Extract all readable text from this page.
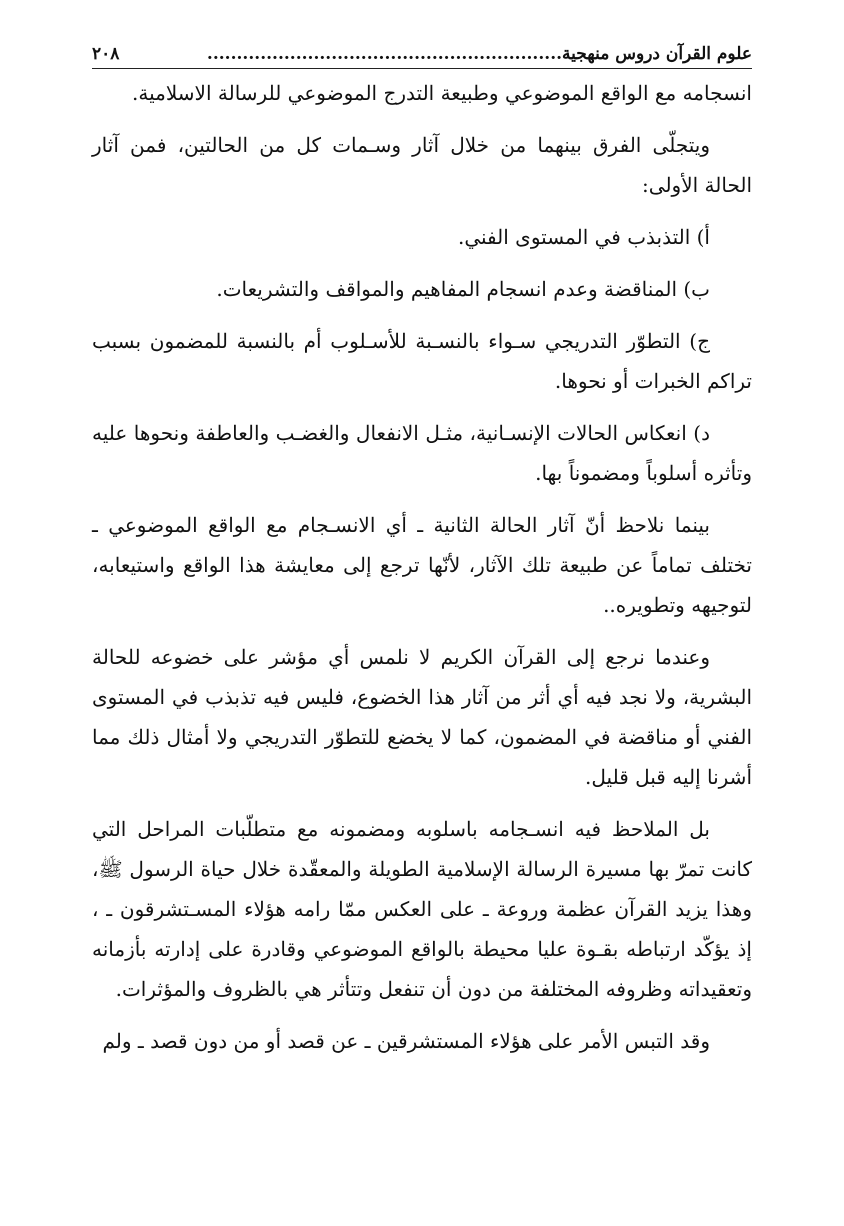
علوم القرآن دروس منهجية............................................................
٢٠٨

انسجامه مع الواقع الموضوعي وطبيعة التدرج الموضوعي للرسالة الاسلامية.

ويتجلّى الفرق بينهما من خلال آثار وسـمات كل من الحالتين، فمن آثار الحالة الأولى:

أ) التذبذب في المستوى الفني.

ب) المناقضة وعدم انسجام المفاهيم والمواقف والتشريعات.

ج) التطوّر التدريجي سـواء بالنسـبة للأسـلوب أم بالنسبة للمضمون بسبب تراكم الخبرات أو نحوها.

د) انعكاس الحالات الإنسـانية، مثـل الانفعال والغضـب والعاطفة ونحوها عليه وتأثره أسلوباً ومضموناً بها.

بينما نلاحظ أنّ آثار الحالة الثانية ـ أي الانسـجام مع الواقع الموضوعي ـ تختلف تماماً عن طبيعة تلك الآثار، لأنّها ترجع إلى معايشة هذا الواقع واستيعابه، لتوجيهه وتطويره..

وعندما نرجع إلى القرآن الكريم لا نلمس أي مؤشر على خضوعه للحالة البشرية، ولا نجد فيه أي أثر من آثار هذا الخضوع، فليس فيه تذبذب في المستوى الفني أو مناقضة في المضمون، كما لا يخضع للتطوّر التدريجي ولا أمثال ذلك مما أشرنا إليه قبل قليل.

بل الملاحظ فيه انسـجامه باسلوبه ومضمونه مع متطلّبات المراحل التي كانت تمرّ بها مسيرة الرسالة الإسلامية الطويلة والمعقّدة خلال حياة الرسول ﷺ، وهذا يزيد القرآن عظمة وروعة ـ على العكس ممّا رامه هؤلاء المسـتشرقون ـ ، إذ يؤكّد ارتباطه بقـوة عليا محيطة بالواقع الموضوعي وقادرة على إدارته بأزمانه وتعقيداته وظروفه المختلفة من دون أن تنفعل وتتأثر هي بالظروف والمؤثرات.

وقد التبس الأمر على هؤلاء المستشرقين ـ عن قصد أو من دون قصد ـ ولم
